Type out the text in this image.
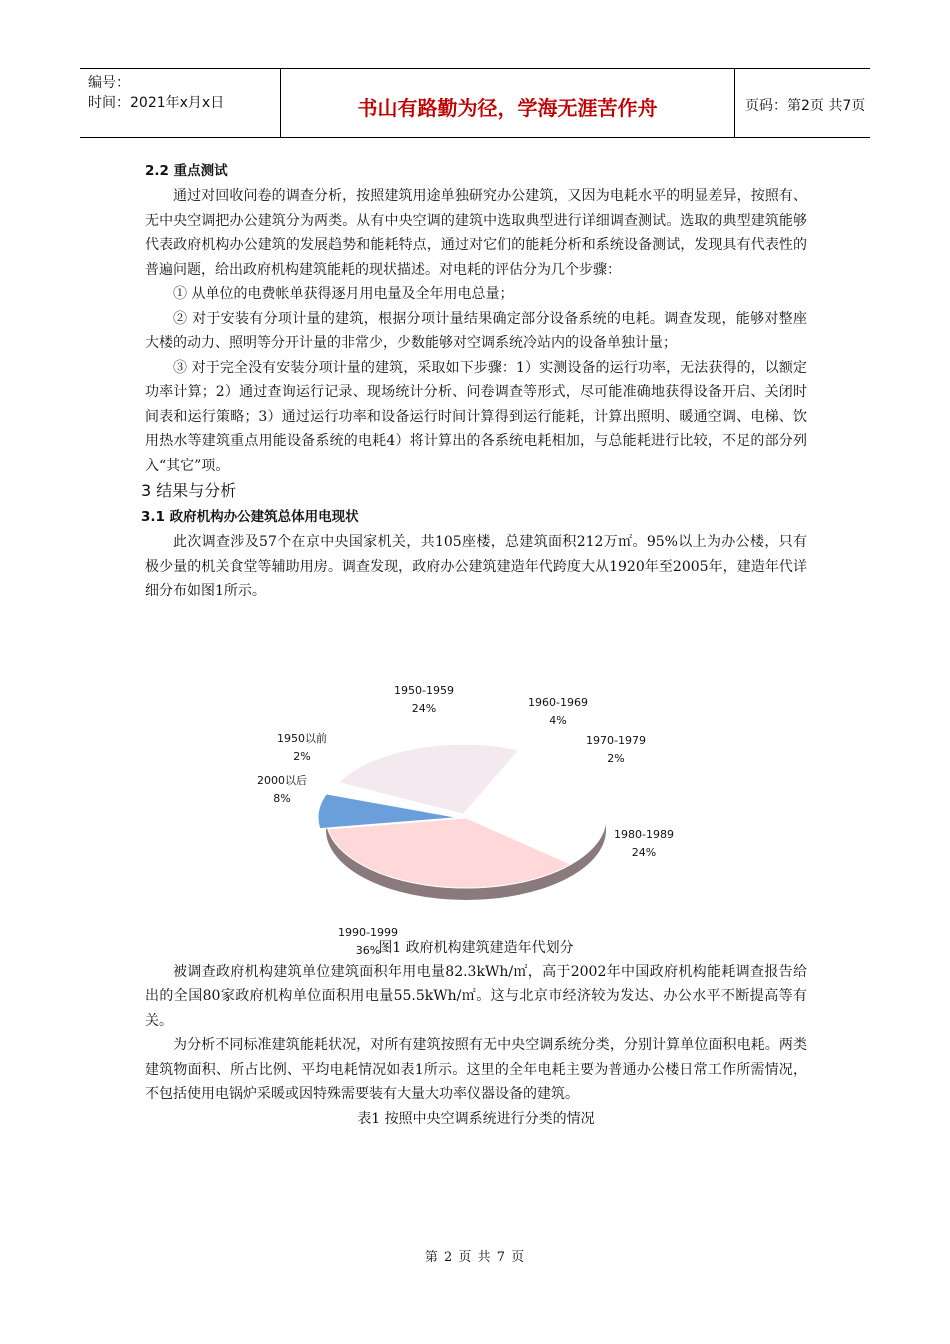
编号：
时间：2021年x月x日	书山有路勤为径，学海无涯苦作舟	页码：第2页 共7页
2.2 重点测试

通过对回收问卷的调查分析，按照建筑用途单独研究办公建筑，又因为电耗水平的明显差异，按照有、无中央空调把办公建筑分为两类。从有中央空调的建筑中选取典型进行详细调查测试。选取的典型建筑能够代表政府机构办公建筑的发展趋势和能耗特点，通过对它们的能耗分析和系统设备测试，发现具有代表性的普遍问题，给出政府机构建筑能耗的现状描述。对电耗的评估分为几个步骤：

① 从单位的电费帐单获得逐月用电量及全年用电总量；

② 对于安装有分项计量的建筑，根据分项计量结果确定部分设备系统的电耗。调查发现，能够对整座大楼的动力、照明等分开计量的非常少，少数能够对空调系统冷站内的设备单独计量；

③ 对于完全没有安装分项计量的建筑，采取如下步骤：1）实测设备的运行功率，无法获得的，以额定功率计算；2）通过查询运行记录、现场统计分析、问卷调查等形式，尽可能准确地获得设备开启、关闭时间表和运行策略；3）通过运行功率和设备运行时间计算得到运行能耗，计算出照明、暖通空调、电梯、饮用热水等建筑重点用能设备系统的电耗4）将计算出的各系统电耗相加，与总能耗进行比较，不足的部分列入“其它”项。

3 结果与分析
3.1 政府机构办公建筑总体用电现状

此次调查涉及57个在京中央国家机关，共105座楼，总建筑面积212万㎡。95%以上为办公楼，只有极少量的机关食堂等辅助用房。调查发现，政府办公建筑建造年代跨度大从1920年至2005年，建造年代详细分布如图1所示。

图1 政府机构建筑建造年代划分

被调查政府机构建筑单位建筑面积年用电量82.3kWh/㎡，高于2002年中国政府机构能耗调查报告给出的全国80家政府机构单位面积用电量55.5kWh/㎡。这与北京市经济较为发达、办公水平不断提高等有关。

为分析不同标准建筑能耗状况，对所有建筑按照有无中央空调系统分类，分别计算单位面积电耗。两类建筑物面积、所占比例、平均电耗情况如表1所示。这里的全年电耗主要为普通办公楼日常工作所需情况，不包括使用电锅炉采暖或因特殊需要装有大量大功率仪器设备的建筑。

表1 按照中央空调系统进行分类的情况
1950以前
2%
1950-1959
24%	1960-1969
4%
1970-1979
2%
1980-1989
24%
1990-1999
36%
2000以后
8%
第 2 页 共 7 页
